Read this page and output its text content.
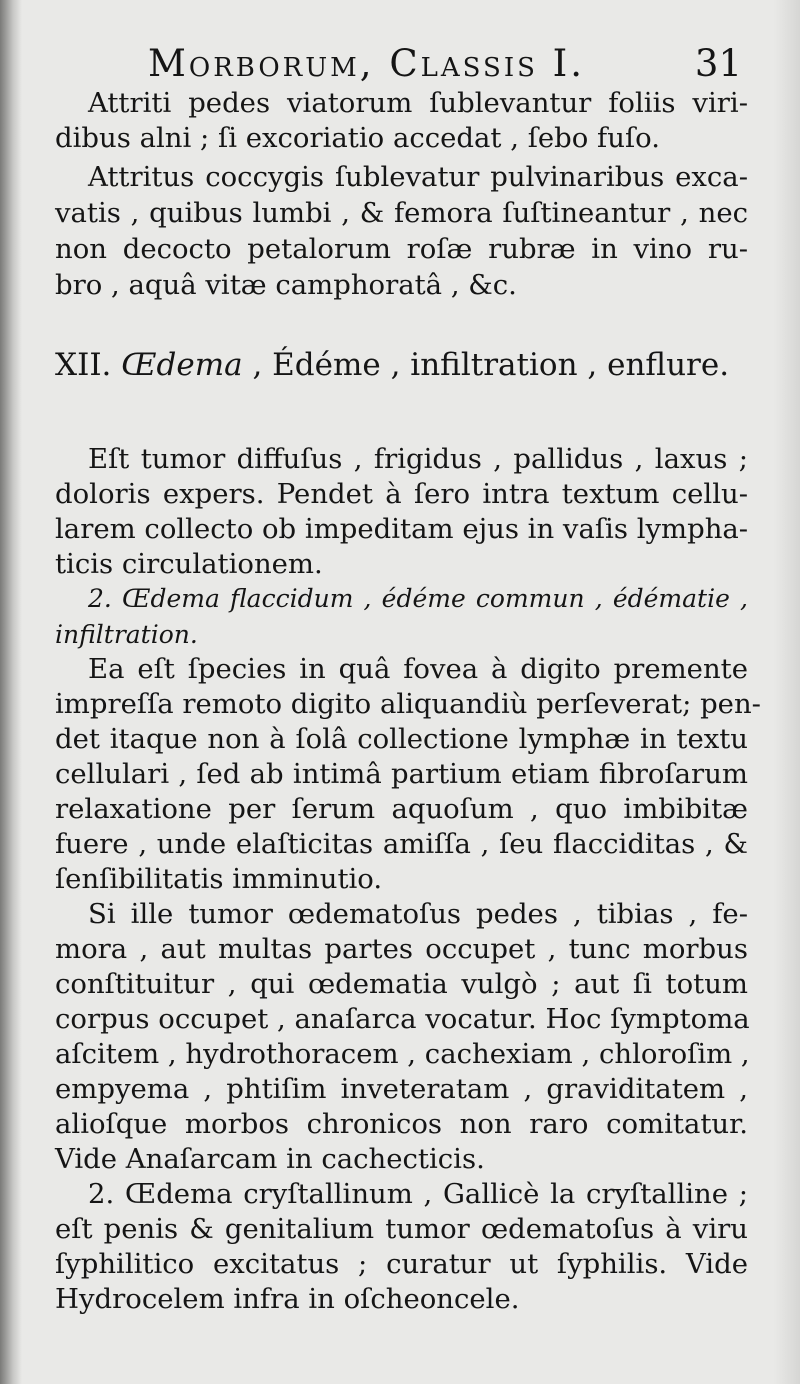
Morborum, Classis I.	31
Attriti pedes viatorum ſublevantur foliis viri-
dibus alni ; ſi excoriatio accedat , ſebo fuſo.
Attritus coccygis ſublevatur pulvinaribus exca-
vatis , quibus lumbi , & femora ſuſtineantur , nec
non decocto petalorum roſæ rubræ in vino ru-
bro , aquâ vitæ camphoratâ , &c.
XII. Œdema , Édéme , infiltration , enflure.
Eſt tumor diffuſus , frigidus , pallidus , laxus ;
doloris expers. Pendet à ſero intra textum cellu-
larem collecto ob impeditam ejus in vaſis lympha-
ticis circulationem.
2. Œdema flaccidum , édéme commun , édématie ,
infiltration.
Ea eſt ſpecies in quâ fovea à digito premente
impreſſa remoto digito aliquandiù perſeverat; pen-
det itaque non à ſolâ collectione lymphæ in textu
cellulari , ſed ab intimâ partium etiam fibroſarum
relaxatione per ſerum aquoſum , quo imbibitæ
fuere , unde elaſticitas amiſſa , ſeu flacciditas , &
ſenſibilitatis imminutio.
Si ille tumor œdematoſus pedes , tibias , fe-
mora , aut multas partes occupet , tunc morbus
conſtituitur , qui œdematia vulgò ; aut ſi totum
corpus occupet , anaſarca vocatur. Hoc ſymptoma
aſcitem , hydrothoracem , cachexiam , chloroſim ,
empyema , phtiſim inveteratam , graviditatem ,
alioſque morbos chronicos non raro comitatur.
Vide Anaſarcam in cachecticis.
2. Œdema cryſtallinum , Gallicè la cryſtalline ;
eſt penis & genitalium tumor œdematoſus à viru
ſyphilitico excitatus ; curatur ut ſyphilis. Vide
Hydrocelem infra in oſcheoncele.
